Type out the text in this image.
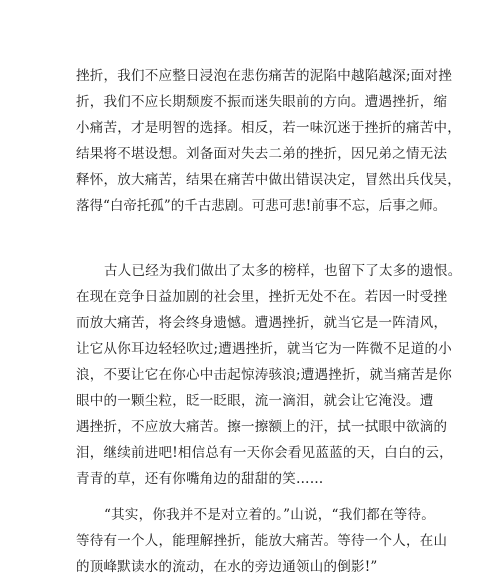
挫折，我们不应整日浸泡在悲伤痛苦的泥陷中越陷越深;面对挫
折，我们不应长期颓废不振而迷失眼前的方向。遭遇挫折，缩
小痛苦，才是明智的选择。相反，若一味沉迷于挫折的痛苦中，
结果将不堪设想。刘备面对失去二弟的挫折，因兄弟之情无法
释怀，放大痛苦，结果在痛苦中做出错误决定，冒然出兵伐吴，
落得“白帝托孤”的千古悲剧。可悲可悲!前事不忘，后事之师。
古人已经为我们做出了太多的榜样，也留下了太多的遗恨。
在现在竞争日益加剧的社会里，挫折无处不在。若因一时受挫
而放大痛苦，将会终身遗憾。遭遇挫折，就当它是一阵清风，
让它从你耳边轻轻吹过;遭遇挫折，就当它为一阵微不足道的小
浪，不要让它在你心中击起惊涛骇浪;遭遇挫折，就当痛苦是你
眼中的一颗尘粒，眨一眨眼，流一滴泪，就会让它淹没。遭
遇挫折，不应放大痛苦。擦一擦额上的汗，拭一拭眼中欲滴的
泪，继续前进吧!相信总有一天你会看见蓝蓝的天，白白的云，
青青的草，还有你嘴角边的甜甜的笑……
“其实，你我并不是对立着的。”山说，“我们都在等待。
等待有一个人，能理解挫折，能放大痛苦。等待一个人，在山
的顶峰默读水的流动，在水的旁边通领山的倒影!”
